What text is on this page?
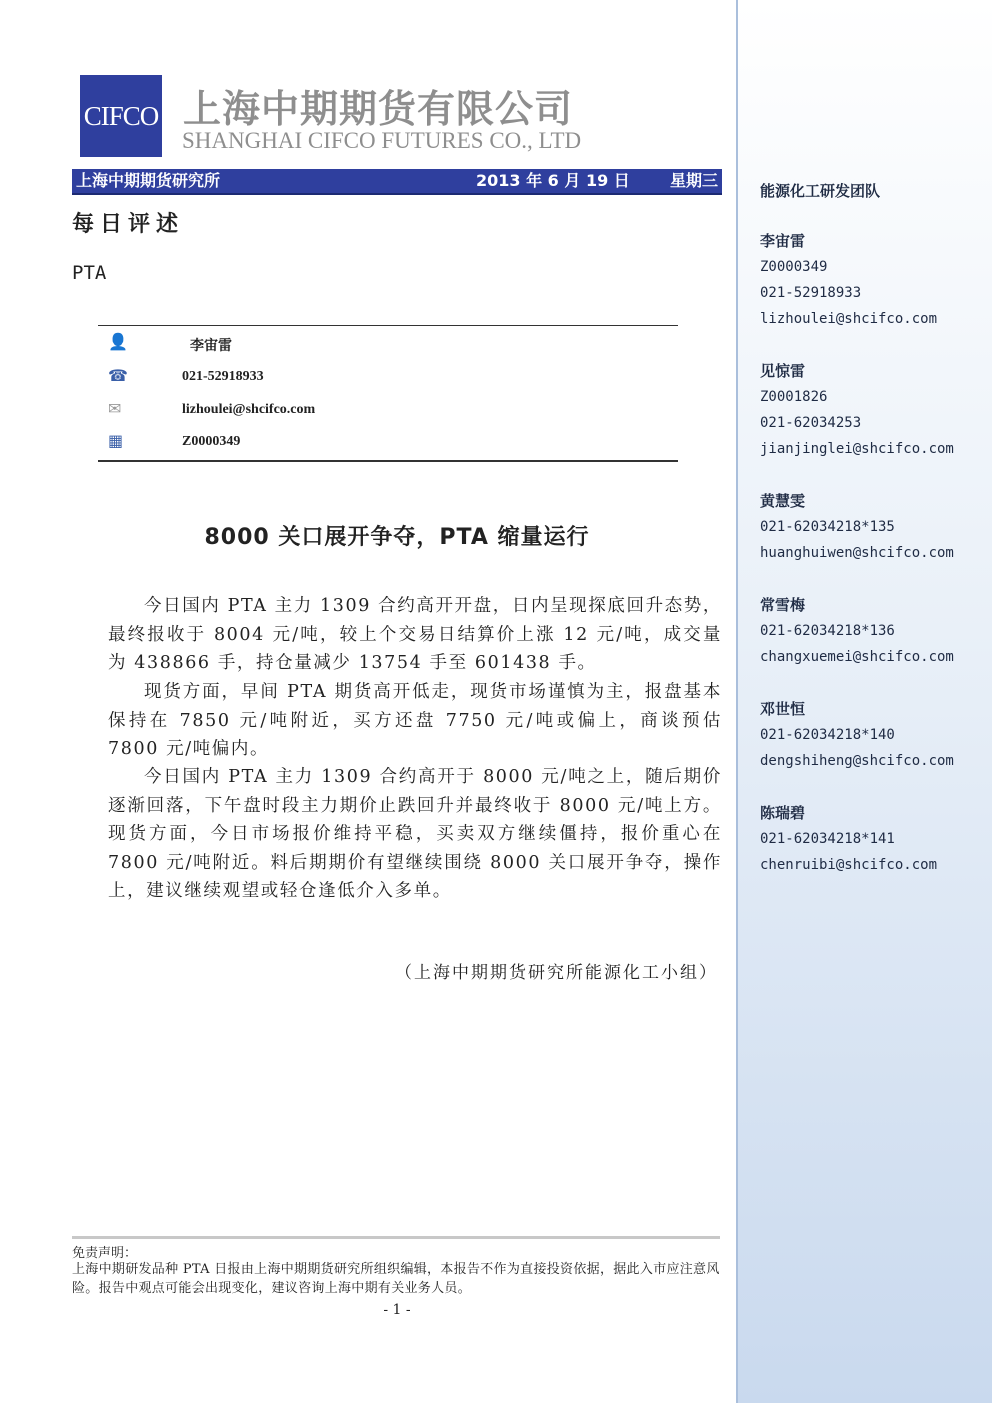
CIFCO 上海中期期货有限公司
SHANGHAI CIFCO FUTURES CO., LTD
上海中期期货研究所	2013 年 6 月 19 日	星期三
每日评述
PTA
👤	李宙雷
☎	021-52918933
✉	lizhoulei@shcifco.com
▦	Z0000349
8000 关口展开争夺，PTA 缩量运行
今日国内 PTA 主力 1309 合约高开开盘，日内呈现探底回升态势，最终报收于 8004 元/吨，较上个交易日结算价上涨 12 元/吨，成交量为 438866 手，持仓量减少 13754 手至 601438 手。
现货方面，早间 PTA 期货高开低走，现货市场谨慎为主，报盘基本保持在 7850 元/吨附近，买方还盘 7750 元/吨或偏上，商谈预估 7800 元/吨偏内。
今日国内 PTA 主力 1309 合约高开于 8000 元/吨之上，随后期价逐渐回落，下午盘时段主力期价止跌回升并最终收于 8000 元/吨上方。现货方面，今日市场报价维持平稳，买卖双方继续僵持，报价重心在 7800 元/吨附近。料后期期价有望继续围绕 8000 关口展开争夺，操作上，建议继续观望或轻仓逢低介入多单。
（上海中期期货研究所能源化工小组）
免责声明：
上海中期研发品种 PTA 日报由上海中期期货研究所组织编辑，本报告不作为直接投资依据，据此入市应注意风险。报告中观点可能会出现变化，建议咨询上海中期有关业务人员。
- 1 -
能源化工研发团队
李宙雷
Z0000349
021-52918933
lizhoulei@shcifco.com
见惊雷
Z0001826
021-62034253
jianjinglei@shcifco.com
黄慧雯
021-62034218*135
huanghuiwen@shcifco.com
常雪梅
021-62034218*136
changxuemei@shcifco.com
邓世恒
021-62034218*140
dengshiheng@shcifco.com
陈瑞碧
021-62034218*141
chenruibi@shcifco.com
